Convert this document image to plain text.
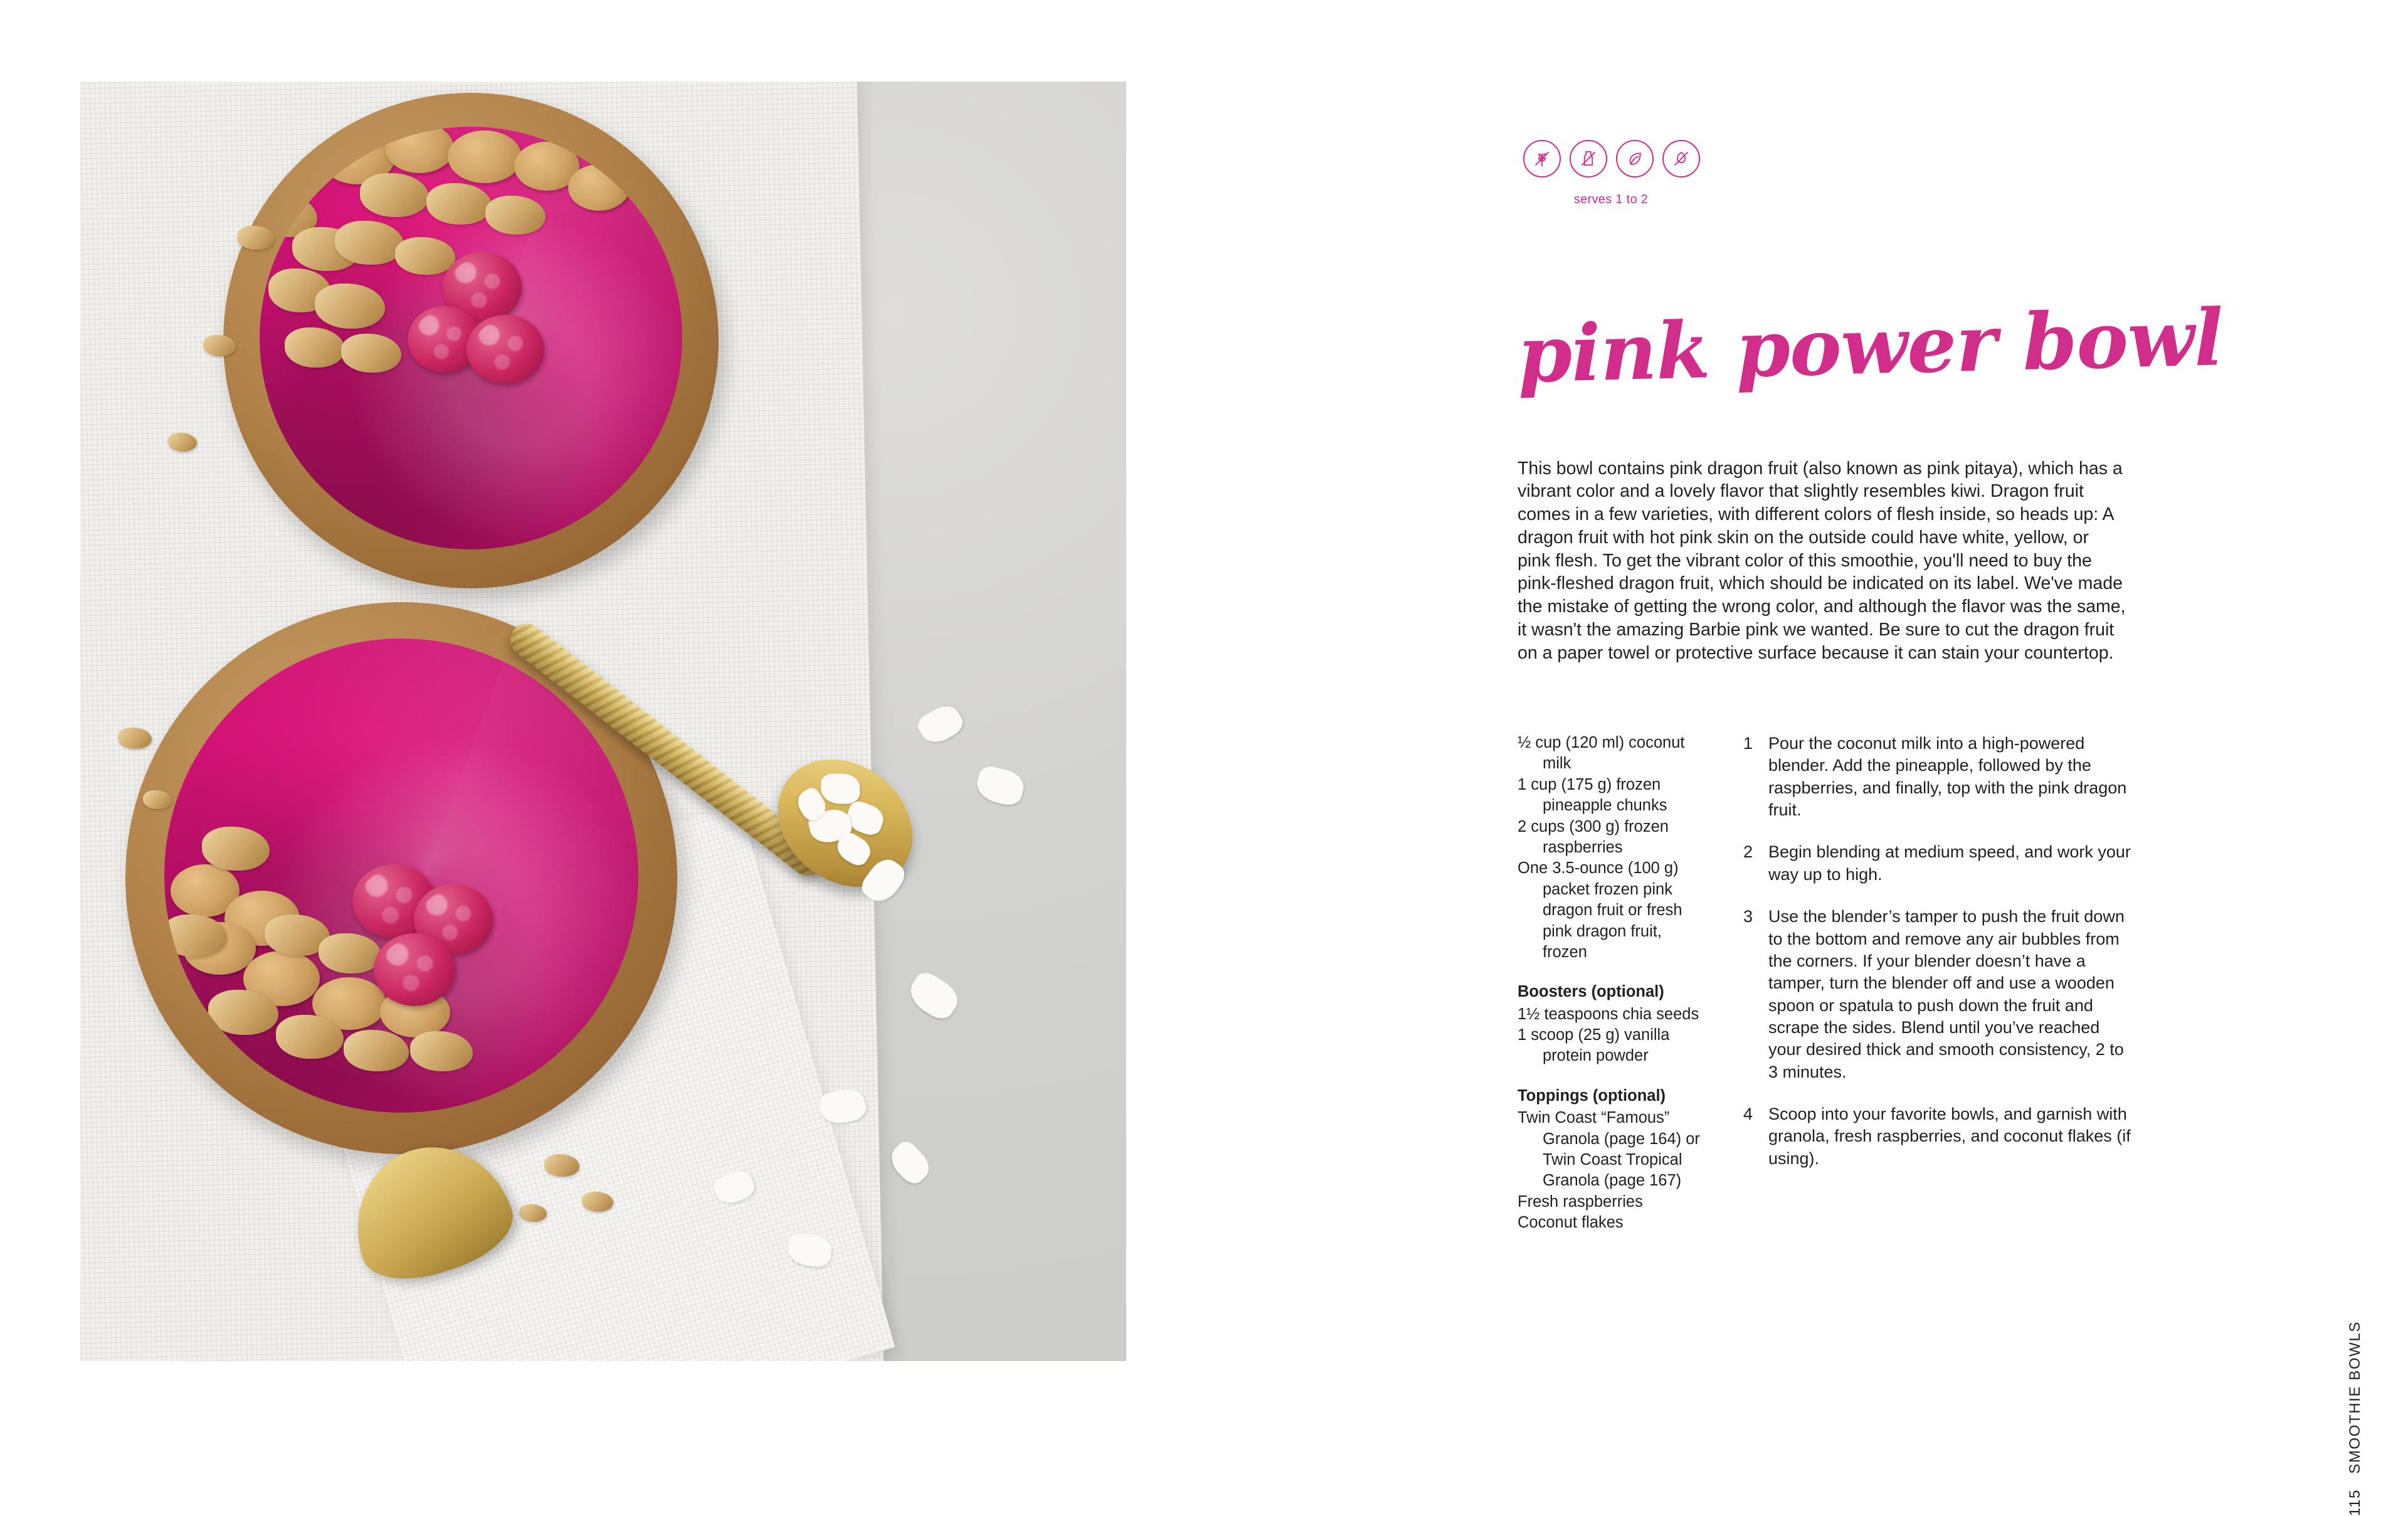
serves 1 to 2
pink power bowl

This bowl contains pink dragon fruit (also known as pink pitaya), which has a vibrant color and a lovely flavor that slightly resembles kiwi. Dragon fruit comes in a few varieties, with different colors of flesh inside, so heads up: A dragon fruit with hot pink skin on the outside could have white, yellow, or pink flesh. To get the vibrant color of this smoothie, you'll need to buy the pink-fleshed dragon fruit, which should be indicated on its label. We've made the mistake of getting the wrong color, and although the flavor was the same, it wasn't the amazing Barbie pink we wanted. Be sure to cut the dragon fruit on a paper towel or protective surface because it can stain your countertop.

½ cup (120 ml) coconut milk
1 cup (175 g) frozen pineapple chunks
2 cups (300 g) frozen raspberries
One 3.5-ounce (100 g) packet frozen pink dragon fruit or fresh pink dragon fruit, frozen
Boosters (optional)
1½ teaspoons chia seeds
1 scoop (25 g) vanilla protein powder
Toppings (optional)
Twin Coast “Famous” Granola (page 164) or Twin Coast Tropical Granola (page 167)
Fresh raspberries
Coconut flakes
1 Pour the coconut milk into a high-powered blender. Add the pineapple, followed by the raspberries, and finally, top with the pink dragon fruit.
2 Begin blending at medium speed, and work your way up to high.
3 Use the blender’s tamper to push the fruit down to the bottom and remove any air bubbles from the corners. If your blender doesn’t have a tamper, turn the blender off and use a wooden spoon or spatula to push down the fruit and scrape the sides. Blend until you’ve reached your desired thick and smooth consistency, 2 to 3 minutes.
4 Scoop into your favorite bowls, and garnish with granola, fresh raspberries, and coconut flakes (if using).
115 SMOOTHIE BOWLS
